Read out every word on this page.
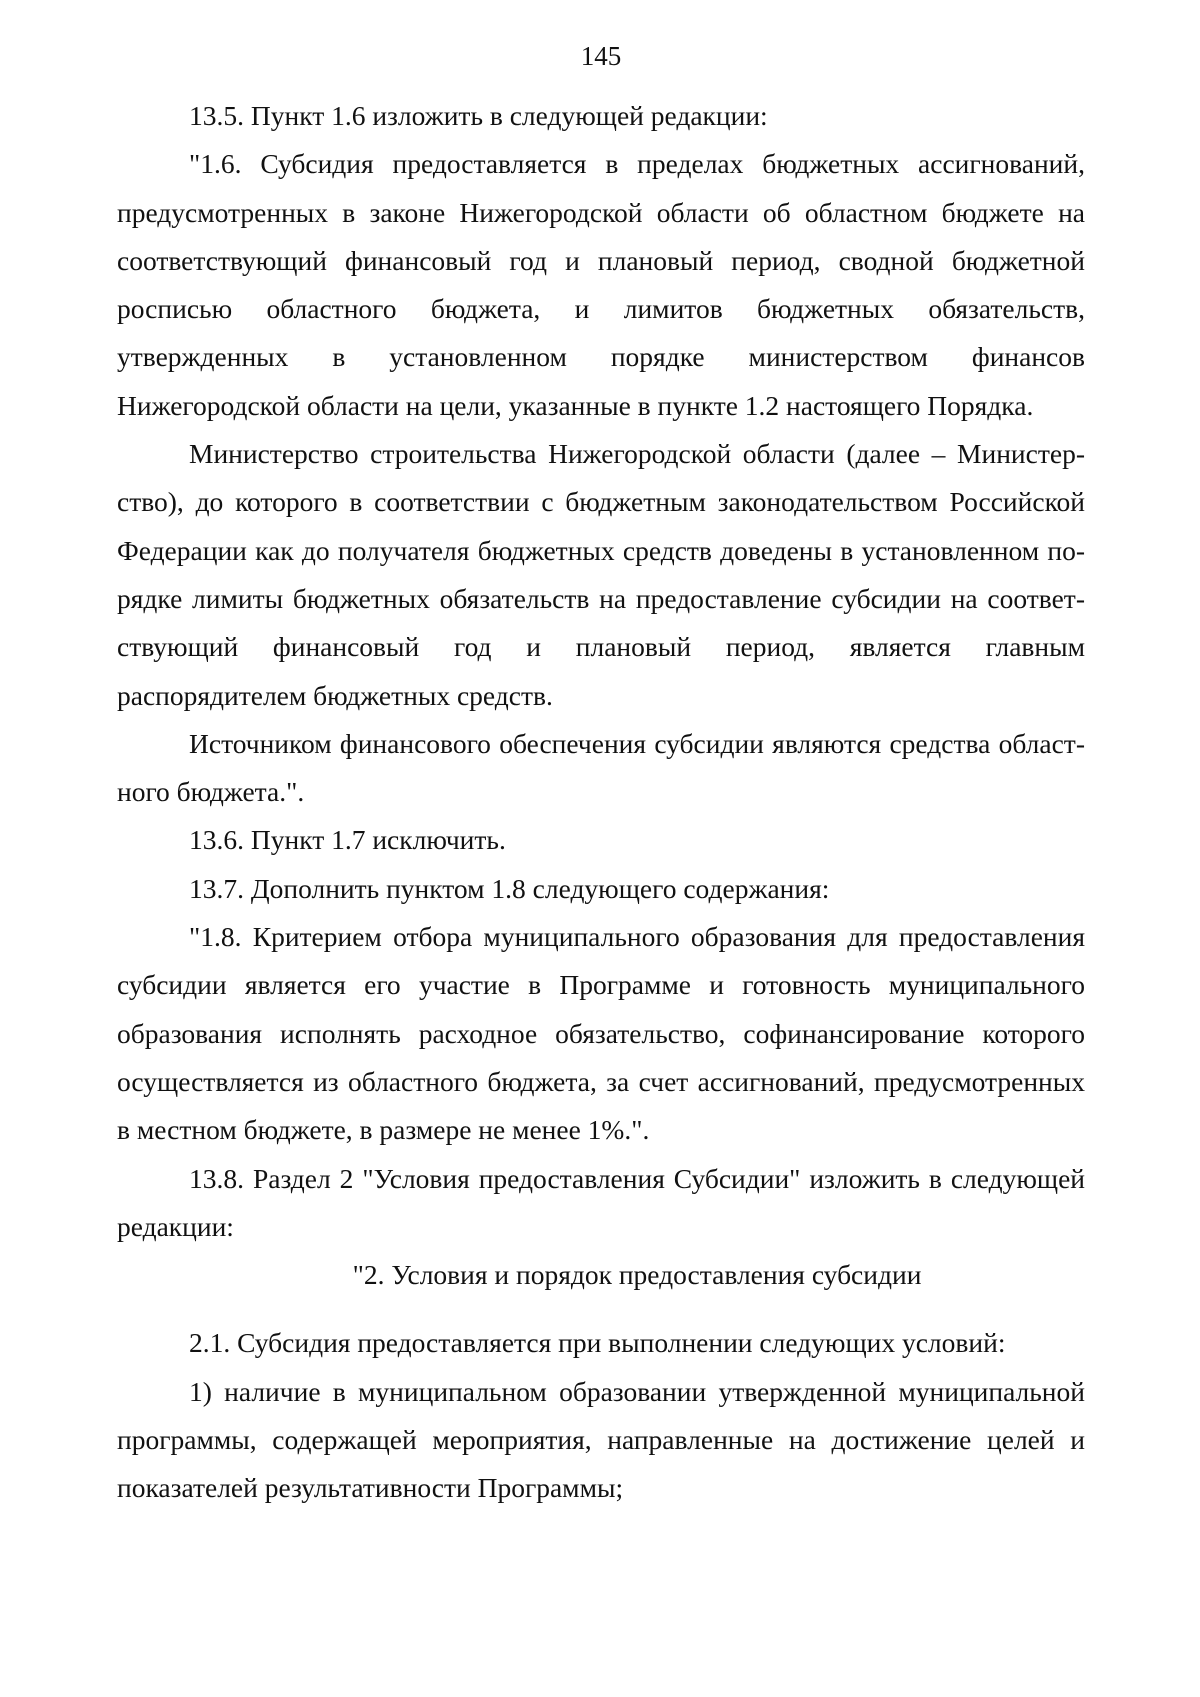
145

13.5. Пункт 1.6 изложить в следующей редакции:

"1.6. Субсидия предоставляется в пределах бюджетных ассигнований, предусмотренных в законе Нижегородской области об областном бюджете на соответствующий финансовый год и плановый период, сводной бюджетной росписью областного бюджета, и лимитов бюджетных обязательств, утвержденных в установленном порядке министерством финансов Нижегородской области на цели, указанные в пункте 1.2 настоящего Порядка.

Министерство строительства Нижегородской области (далее – Министерство), до которого в соответствии с бюджетным законодательством Российской Федерации как до получателя бюджетных средств доведены в установленном порядке лимиты бюджетных обязательств на предоставление субсидии на соответствующий финансовый год и плановый период, является главным распорядителем бюджетных средств.

Источником финансового обеспечения субсидии являются средства областного бюджета.".

13.6. Пункт 1.7 исключить.

13.7. Дополнить пунктом 1.8 следующего содержания:

"1.8. Критерием отбора муниципального образования для предоставления субсидии является его участие в Программе и готовность муниципального образования исполнять расходное обязательство, софинансирование которого осуществляется из областного бюджета, за счет ассигнований, предусмотренных в местном бюджете, в размере не менее 1%.".

13.8. Раздел 2 "Условия предоставления Субсидии" изложить в следующей редакции:

"2. Условия и порядок предоставления субсидии

2.1. Субсидия предоставляется при выполнении следующих условий:

1) наличие в муниципальном образовании утвержденной муниципальной программы, содержащей мероприятия, направленные на достижение целей и показателей результативности Программы;
